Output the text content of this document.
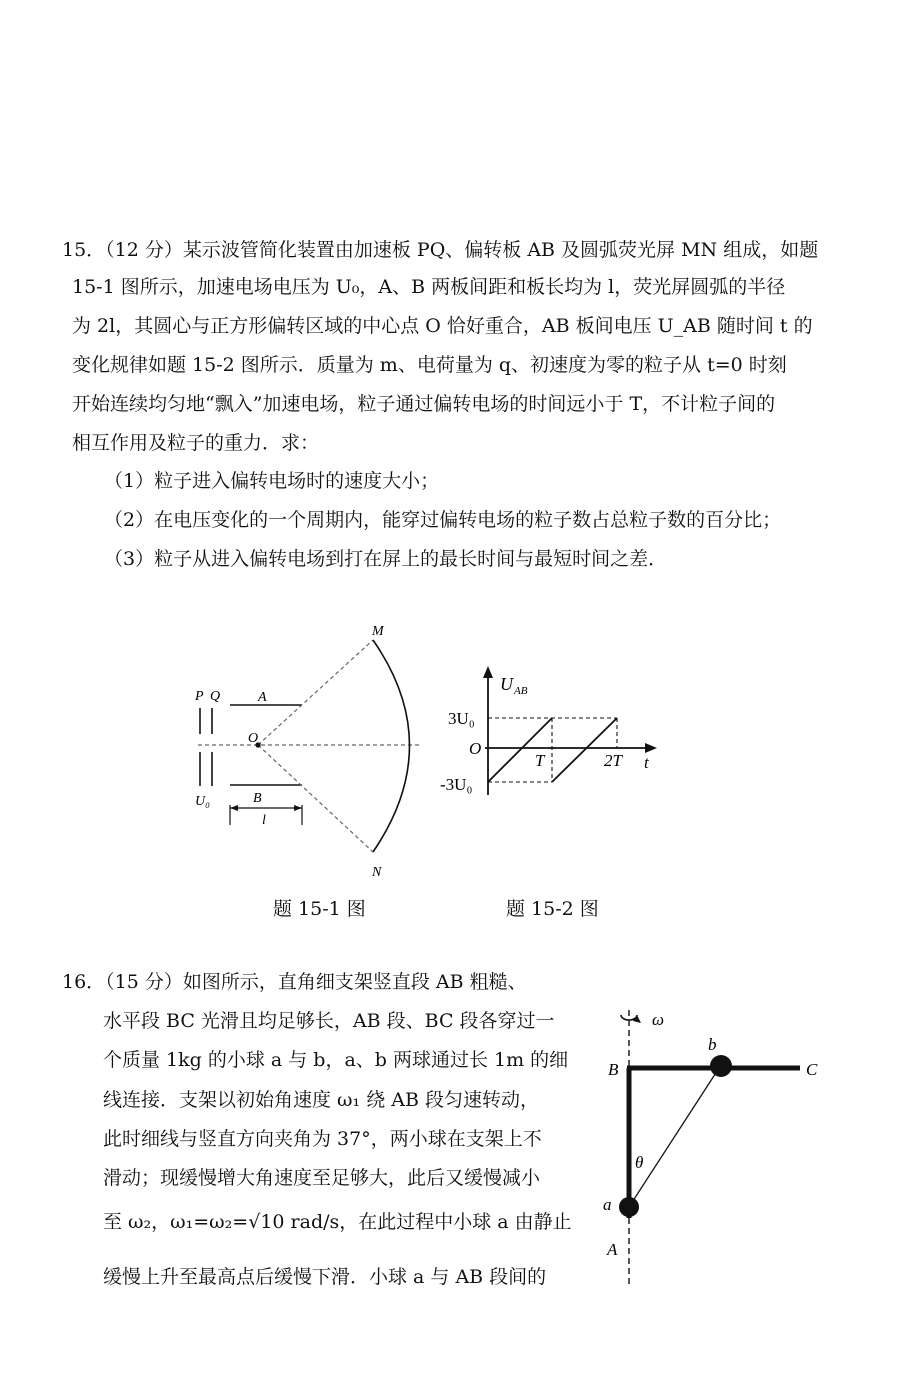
15．（12 分）某示波管简化装置由加速板 PQ、偏转板 AB 及圆弧荧光屏 MN 组成，如题
15-1 图所示，加速电场电压为 U₀，A、B 两板间距和板长均为 l，荧光屏圆弧的半径
为 2l，其圆心与正方形偏转区域的中心点 O 恰好重合，AB 板间电压 U_AB 随时间 t 的
变化规律如题 15-2 图所示．质量为 m、电荷量为 q、初速度为零的粒子从 t=0 时刻
开始连续均匀地“飘入”加速电场，粒子通过偏转电场的时间远小于 T，不计粒子间的
相互作用及粒子的重力．求：
（1）粒子进入偏转电场时的速度大小；
（2）在电压变化的一个周期内，能穿过偏转电场的粒子数占总粒子数的百分比；
（3）粒子从进入偏转电场到打在屏上的最长时间与最短时间之差．
M
N
P Q	A
O
U₀	B
l
U AB
3U₀
O
-3U₀
T	2T t
题 15-1 图	题 15-2 图
16．（15 分）如图所示，直角细支架竖直段 AB 粗糙、
水平段 BC 光滑且均足够长，AB 段、BC 段各穿过一
个质量 1kg 的小球 a 与 b，a、b 两球通过长 1m 的细
线连接．支架以初始角速度 ω₁ 绕 AB 段匀速转动，
此时细线与竖直方向夹角为 37°，两小球在支架上不
滑动；现缓慢增大角速度至足够大，此后又缓慢减小
至 ω₂，ω₁=ω₂=√10 rad/s，在此过程中小球 a 由静止
缓慢上升至最高点后缓慢下滑．小球 a 与 AB 段间的
ω
b
B	C
θ
a
A
